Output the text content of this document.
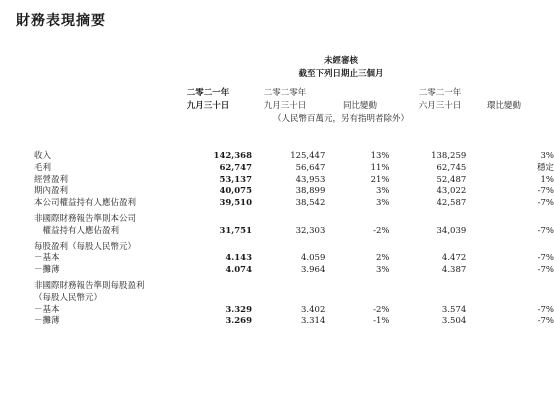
財務表現摘要
未經審核
截至下列日期止三個月
二零二一年
九月三十日
二零二零年
九月三十日	同比變動
二零二一年
六月三十日	環比變動
（人民幣百萬元，另有指明者除外）
收入	142,368	125,447	13%	138,259	3%
毛利	62,747	56,647	11%	62,745	穩定
經營盈利	53,137	43,953	21%	52,487	1%
期內盈利	40,075	38,899	3%	43,022	-7%
本公司權益持有人應佔盈利	39,510	38,542	3%	42,587	-7%

非國際財務報告準則本公司					
　權益持有人應佔盈利	31,751	32,303	-2%	34,039	-7%

每股盈利（每股人民幣元）					
－基本	4.143	4.059	2%	4.472	-7%
－攤薄	4.074	3.964	3%	4.387	-7%

非國際財務報告準則每股盈利					
（每股人民幣元）					
－基本	3.329	3.402	-2%	3.574	-7%
－攤薄	3.269	3.314	-1%	3.504	-7%
